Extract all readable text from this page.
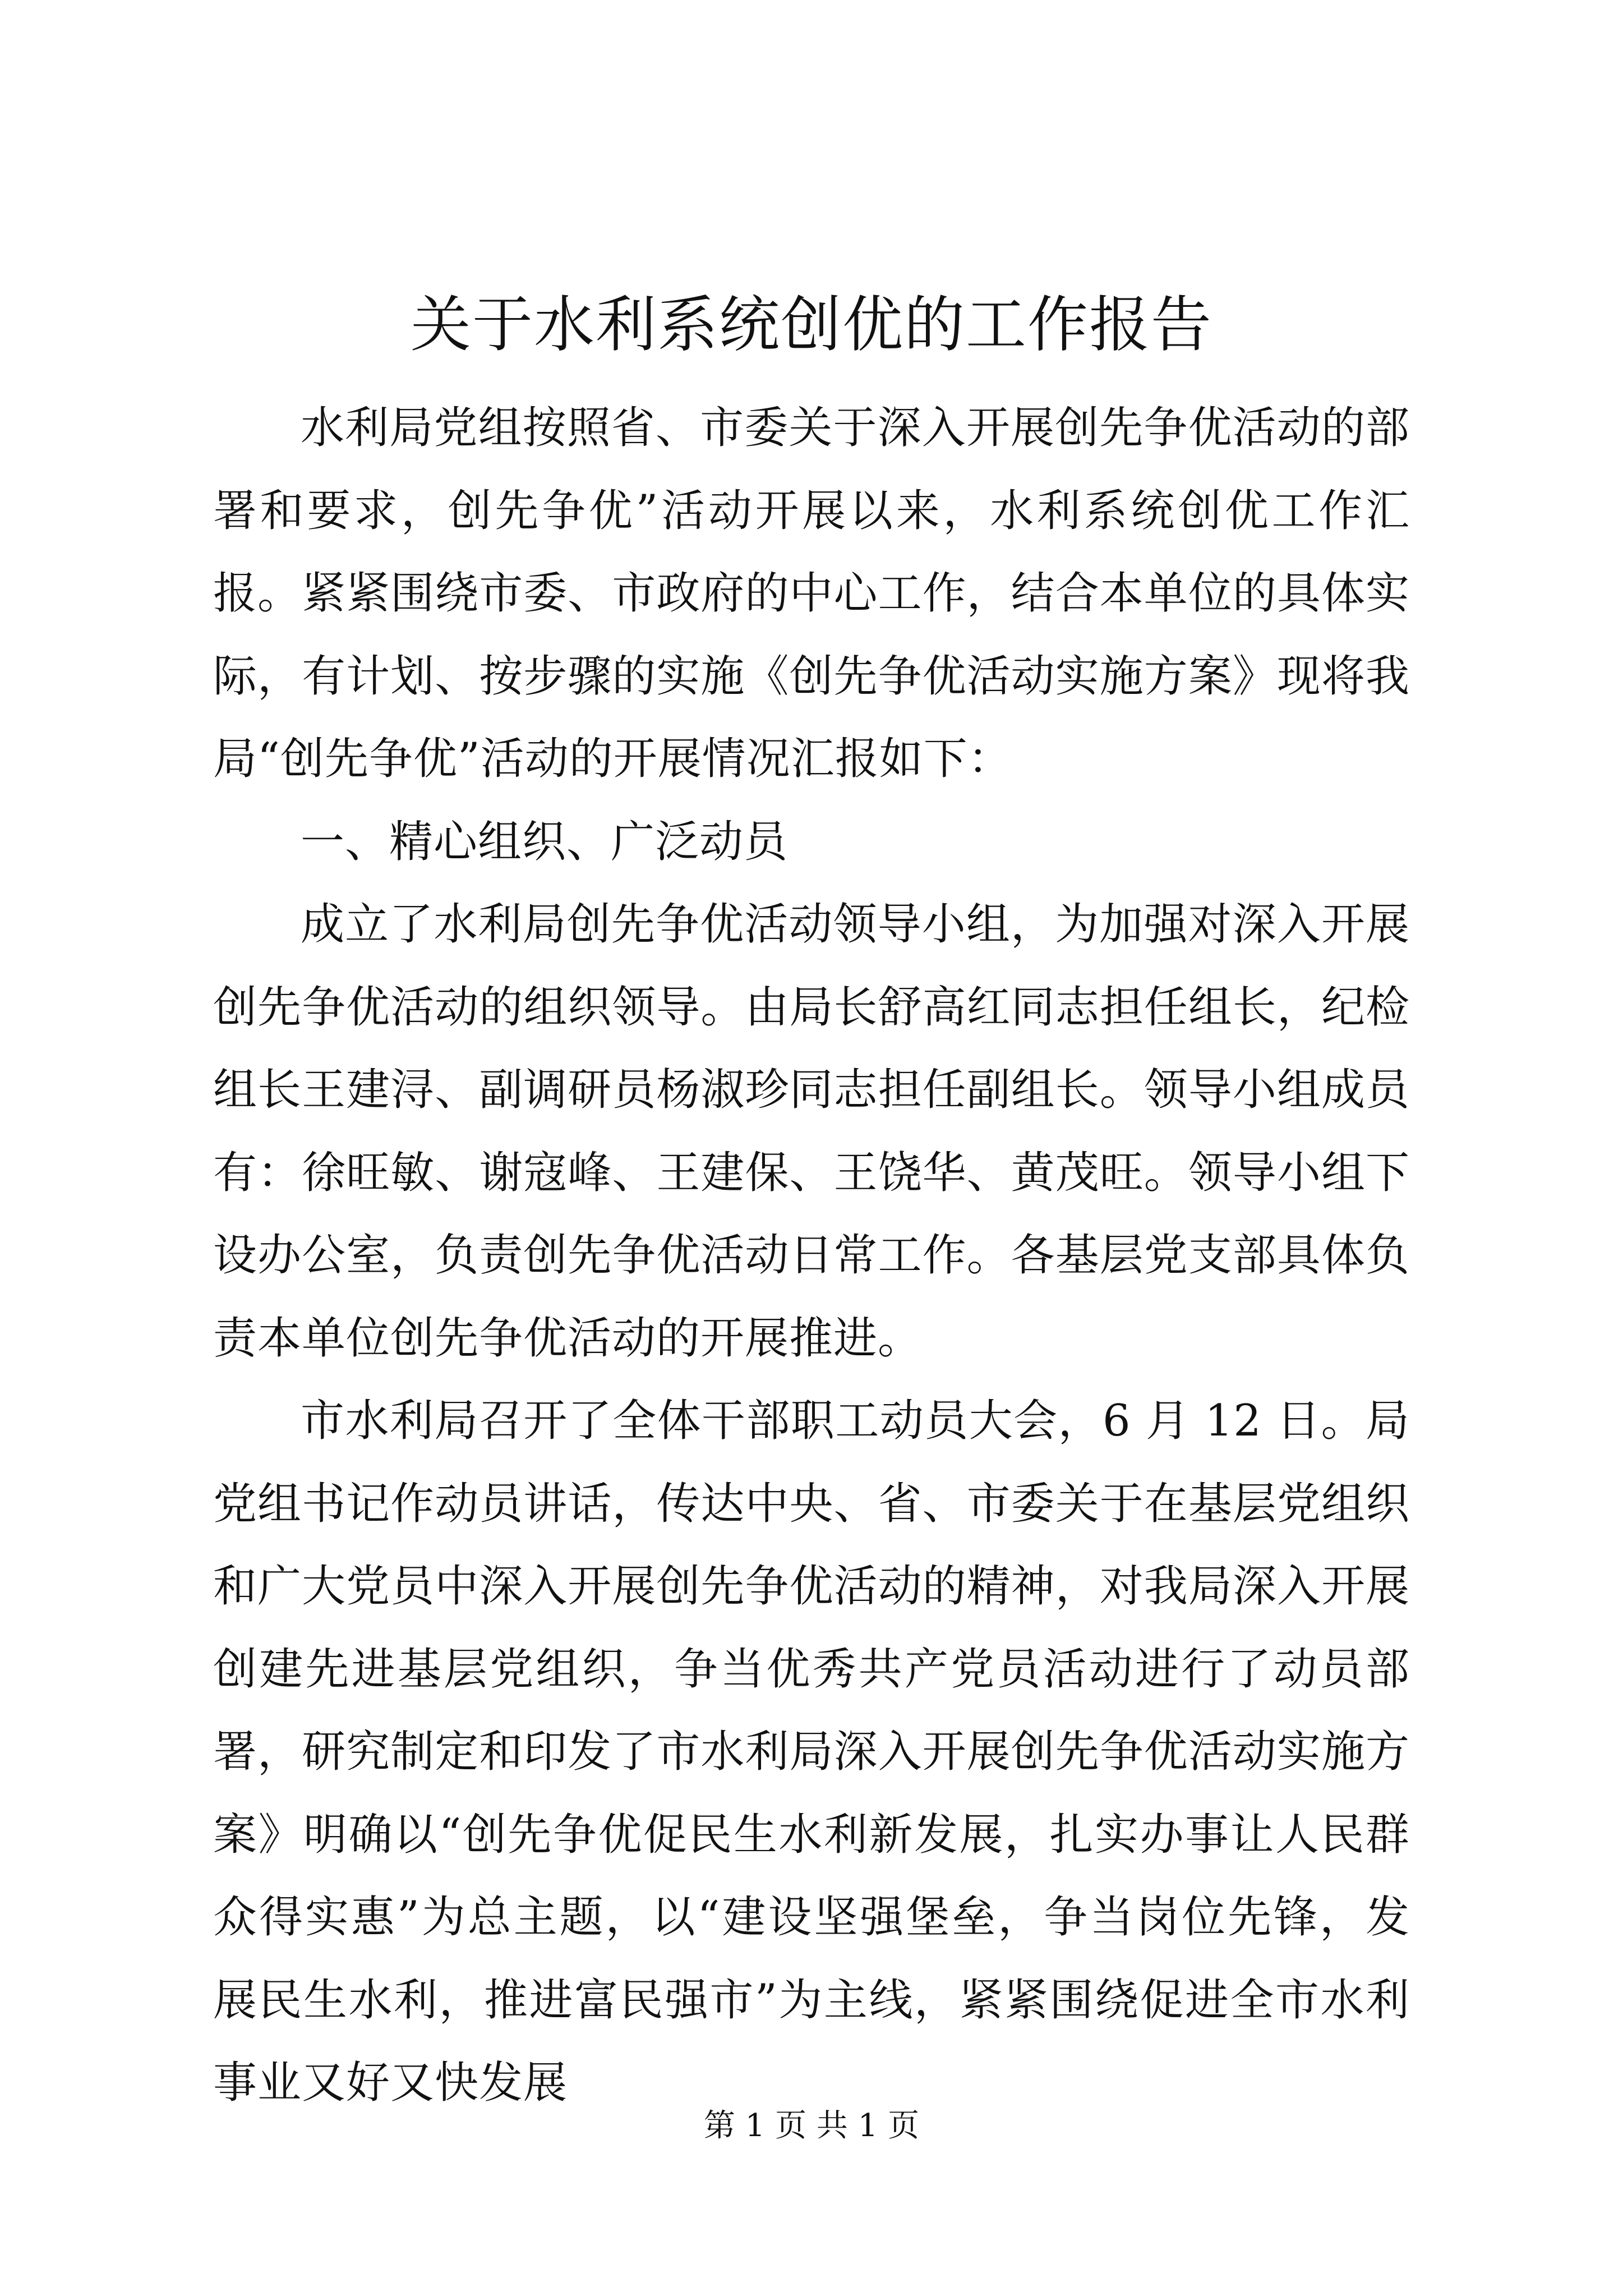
关于水利系统创优的工作报告

水利局党组按照省、市委关于深入开展创先争优活动的部署和要求，创先争优”活动开展以来，水利系统创优工作汇报。紧紧围绕市委、市政府的中心工作，结合本单位的具体实际，有计划、按步骤的实施《创先争优活动实施方案》现将我局“创先争优”活动的开展情况汇报如下：

一、精心组织、广泛动员

成立了水利局创先争优活动领导小组，为加强对深入开展创先争优活动的组织领导。由局长舒高红同志担任组长，纪检组长王建浔、副调研员杨淑珍同志担任副组长。领导小组成员有：徐旺敏、谢寇峰、王建保、王饶华、黄茂旺。领导小组下设办公室，负责创先争优活动日常工作。各基层党支部具体负责本单位创先争优活动的开展推进。

市水利局召开了全体干部职工动员大会，6 月 12 日。局党组书记作动员讲话，传达中央、省、市委关于在基层党组织和广大党员中深入开展创先争优活动的精神，对我局深入开展创建先进基层党组织，争当优秀共产党员活动进行了动员部署，研究制定和印发了市水利局深入开展创先争优活动实施方案》明确以“创先争优促民生水利新发展，扎实办事让人民群众得实惠”为总主题，以“建设坚强堡垒，争当岗位先锋，发展民生水利，推进富民强市”为主线，紧紧围绕促进全市水利事业又好又快发展

第 1 页 共 1 页
